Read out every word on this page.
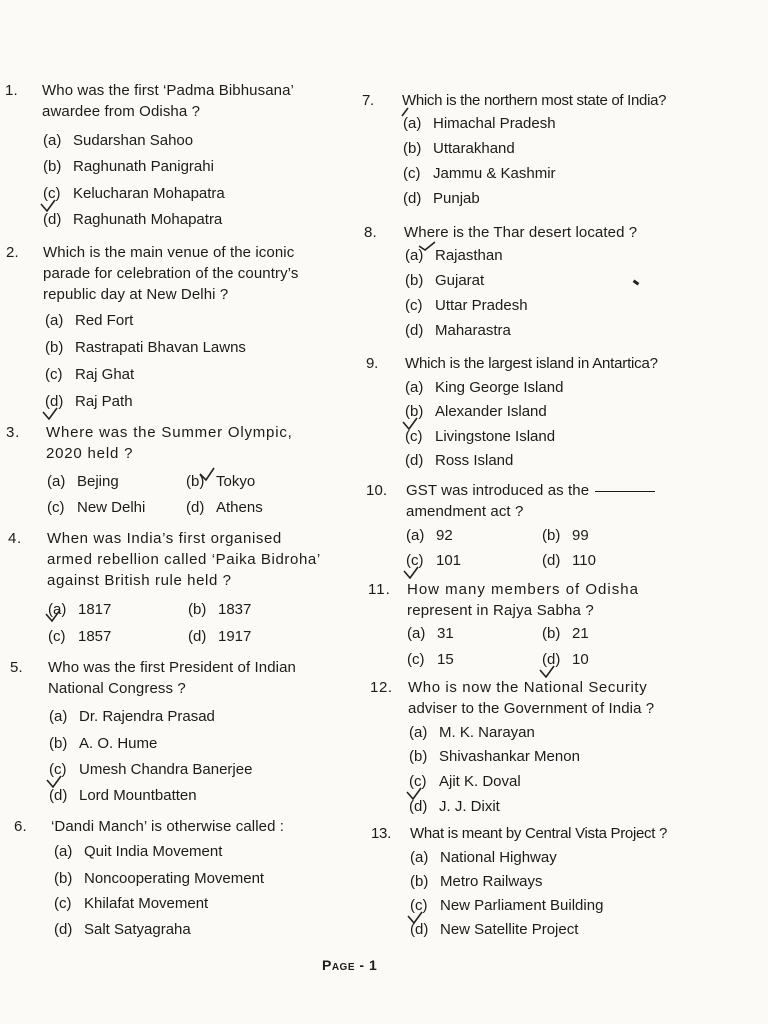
1. Who was the first ‘Padma Bibhusana’
awardee from Odisha ?
(a) Sudarshan Sahoo
(b) Raghunath Panigrahi
(c) Kelucharan Mohapatra
(d) Raghunath Mohapatra
2. Which is the main venue of the iconic
parade for celebration of the country’s
republic day at New Delhi ?
(a) Red Fort
(b) Rastrapati Bhavan Lawns
(c) Raj Ghat
(d) Raj Path
3. Where was the Summer Olympic,
2020 held ?
(a) Bejing	(b) Tokyo
(c) New Delhi	(d) Athens
4. When was India’s first organised
armed rebellion called ‘Paika Bidroha’
against British rule held ?
(a) 1817	(b) 1837
(c) 1857	(d) 1917
5. Who was the first President of Indian
National Congress ?
(a) Dr. Rajendra Prasad
(b) A. O. Hume
(c) Umesh Chandra Banerjee
(d) Lord Mountbatten
6. ‘Dandi Manch’ is otherwise called :
(a) Quit India Movement
(b) Noncooperating Movement
(c) Khilafat Movement
(d) Salt Satyagraha
7. Which is the northern most state of India?
(a) Himachal Pradesh
(b) Uttarakhand
(c) Jammu & Kashmir
(d) Punjab
8. Where is the Thar desert located ?
(a) Rajasthan
(b) Gujarat
(c) Uttar Pradesh
(d) Maharastra
9. Which is the largest island in Antartica?
(a) King George Island
(b) Alexander Island
(c) Livingstone Island
(d) Ross Island
10. GST was introduced as the
amendment act ?
(a) 92	(b) 99
(c) 101	(d) 110
11. How many members of Odisha
represent in Rajya Sabha ?
(a) 31	(b) 21
(c) 15	(d) 10
12. Who is now the National Security
adviser to the Government of India ?
(a) M. K. Narayan
(b) Shivashankar Menon
(c) Ajit K. Doval
(d) J. J. Dixit
13. What is meant by Central Vista Project ?
(a) National Highway
(b) Metro Railways
(c) New Parliament Building
(d) New Satellite Project
Page - 1
